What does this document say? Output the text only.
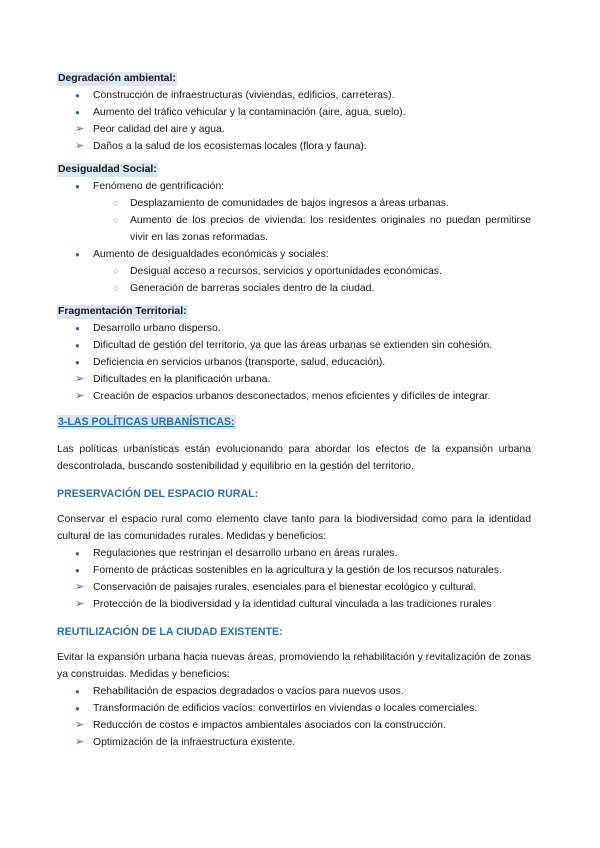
Degradación ambiental:
●
Construcción de infraestructuras (viviendas, edificios, carreteras).
●
Aumento del tráfico vehicular y la contaminación (aire, agua, suelo).
➢
Peor calidad del aire y agua.
➢
Daños a la salud de los ecosistemas locales (flora y fauna).
Desigualdad Social:
●
Fenómeno de gentrificación:
○
Desplazamiento de comunidades de bajos ingresos a áreas urbanas.
○
Aumento de los precios de vivienda: los residentes originales no puedan permitirse vivir en las zonas reformadas.
●
Aumento de desigualdades económicas y sociales:
○
Desigual acceso a recursos, servicios y oportunidades económicas.
○
Generación de barreras sociales dentro de la ciudad.
Fragmentación Territorial:
●
Desarrollo urbano disperso.
●
Dificultad de gestión del territorio, ya que las áreas urbanas se extienden sin cohesión.
●
Deficiencia en servicios urbanos (transporte, salud, educación).
➢
Dificultades en la planificación urbana.
➢
Creación de espacios urbanos desconectados, menos eficientes y difíciles de integrar.
3-LAS POLÍTICAS URBANÍSTICAS:

Las políticas urbanísticas están evolucionando para abordar los efectos de la expansión urbana descontrolada, buscando sostenibilidad y equilibrio en la gestión del territorio.

PRESERVACIÓN DEL ESPACIO RURAL:

Conservar el espacio rural como elemento clave tanto para la biodiversidad como para la identidad cultural de las comunidades rurales. Medidas y beneficios:

●
Regulaciones que restrinjan el desarrollo urbano en áreas rurales.
●
Fomento de prácticas sostenibles en la agricultura y la gestión de los recursos naturales.
➢
Conservación de paisajes rurales, esenciales para el bienestar ecológico y cultural.
➢
Protección de la biodiversidad y la identidad cultural vinculada a las tradiciones rurales
REUTILIZACIÓN DE LA CIUDAD EXISTENTE:

Evitar la expansión urbana hacia nuevas áreas, promoviendo la rehabilitación y revitalización de zonas ya construidas. Medidas y beneficios:

●
Rehabilitación de espacios degradados o vacíos para nuevos usos.
●
Transformación de edificios vacíos: convertirlos en viviendas o locales comerciales.
➢
Reducción de costos e impactos ambientales asociados con la construcción.
➢
Optimización de la infraestructura existente.
